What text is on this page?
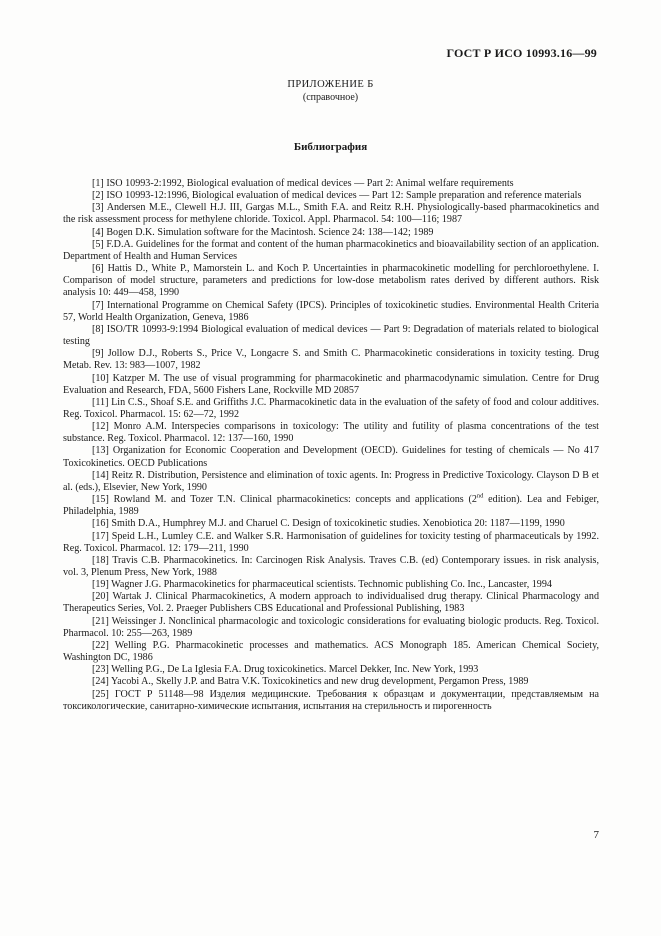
ГОСТ Р ИСО 10993.16—99
ПРИЛОЖЕНИЕ Б
(справочное)
Библиография

[1] ISO 10993-2:1992, Biological evaluation of medical devices — Part 2: Animal welfare requirements

[2] ISO 10993-12:1996, Biological evaluation of medical devices — Part 12: Sample preparation and reference materials

[3] Andersen M.E., Clewell H.J. III, Gargas M.L., Smith F.A. and Reitz R.H. Physiologically-based pharmacokinetics and the risk assessment process for methylene chloride. Toxicol. Appl. Pharmacol. 54: 100—116; 1987

[4] Bogen D.K. Simulation software for the Macintosh. Science 24: 138—142; 1989

[5] F.D.A. Guidelines for the format and content of the human pharmacokinetics and bioavailability section of an application. Department of Health and Human Services

[6] Hattis D., White P., Mamorstein L. and Koch P. Uncertainties in pharmacokinetic modelling for perchloroethylene. I. Comparison of model structure, parameters and predictions for low-dose metabolism rates derived by different authors. Risk analysis 10: 449—458, 1990

[7] International Programme on Chemical Safety (IPCS). Principles of toxicokinetic studies. Environmental Health Criteria 57, World Health Organization, Geneva, 1986

[8] ISO/TR 10993-9:1994 Biological evaluation of medical devices — Part 9: Degradation of materials related to biological testing

[9] Jollow D.J., Roberts S., Price V., Longacre S. and Smith C. Pharmacokinetic considerations in toxicity testing. Drug Metab. Rev. 13: 983—1007, 1982

[10] Katzper M. The use of visual programming for pharmacokinetic and pharmacodynamic simulation. Centre for Drug Evaluation and Research, FDA, 5600 Fishers Lane, Rockville MD 20857

[11] Lin C.S., Shoaf S.E. and Griffiths J.C. Pharmacokinetic data in the evaluation of the safety of food and colour additives. Reg. Toxicol. Pharmacol. 15: 62—72, 1992

[12] Monro A.M. Interspecies comparisons in toxicology: The utility and futility of plasma concentrations of the test substance. Reg. Toxicol. Pharmacol. 12: 137—160, 1990

[13] Organization for Economic Cooperation and Development (OECD). Guidelines for testing of chemicals — No 417 Toxicokinetics. OECD Publications

[14] Reitz R. Distribution, Persistence and elimination of toxic agents. In: Progress in Predictive Toxicology. Clayson D B et al. (eds.), Elsevier, New York, 1990

[15] Rowland M. and Tozer T.N. Clinical pharmacokinetics: concepts and applications (2nd edition). Lea and Febiger, Philadelphia, 1989

[16] Smith D.A., Humphrey M.J. and Charuel C. Design of toxicokinetic studies. Xenobiotica 20: 1187—1199, 1990

[17] Speid L.H., Lumley C.E. and Walker S.R. Harmonisation of guidelines for toxicity testing of pharmaceuticals by 1992. Reg. Toxicol. Pharmacol. 12: 179—211, 1990

[18] Travis C.B. Pharmacokinetics. In: Carcinogen Risk Analysis. Traves C.B. (ed) Contemporary issues. in risk analysis, vol. 3, Plenum Press, New York, 1988

[19] Wagner J.G. Pharmacokinetics for pharmaceutical scientists. Technomic publishing Co. Inc., Lancaster, 1994

[20] Wartak J. Clinical Pharmacokinetics, A modern approach to individualised drug therapy. Clinical Pharmacology and Therapeutics Series, Vol. 2. Praeger Publishers CBS Educational and Professional Publishing, 1983

[21] Weissinger J. Nonclinical pharmacologic and toxicologic considerations for evaluating biologic products. Reg. Toxicol. Pharmacol. 10: 255—263, 1989

[22] Welling P.G. Pharmacokinetic processes and mathematics. ACS Monograph 185. American Chemical Society, Washington DC, 1986

[23] Welling P.G., De La Iglesia F.A. Drug toxicokinetics. Marcel Dekker, Inc. New York, 1993

[24] Yacobi A., Skelly J.P. and Batra V.K. Toxicokinetics and new drug development, Pergamon Press, 1989

[25] ГОСТ Р 51148—98 Изделия медицинские. Требования к образцам и документации, представляемым на токсикологические, санитарно-химические испытания, испытания на стерильность и пирогенность

7
